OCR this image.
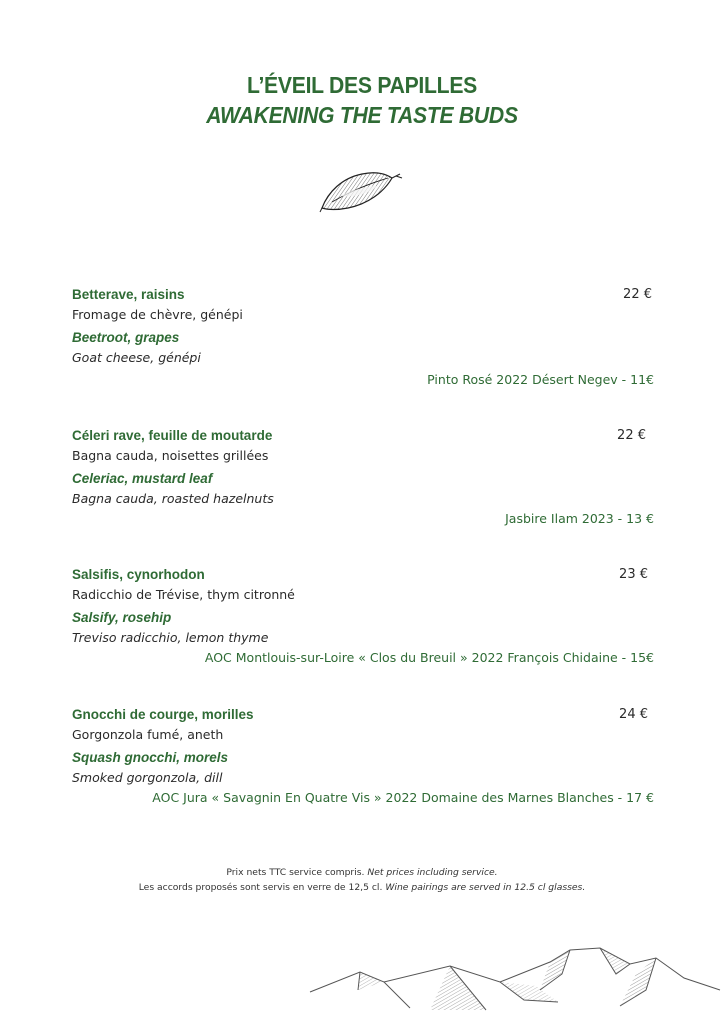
L’ÉVEIL DES PAPILLES
AWAKENING THE TASTE BUDS
Betterave, raisins
Fromage de chèvre, génépi
Beetroot, grapes
Goat cheese, génépi
22 €
Pinto Rosé 2022 Désert Negev - 11€
Céleri rave, feuille de moutarde
Bagna cauda, noisettes grillées
Celeriac, mustard leaf
Bagna cauda, roasted hazelnuts
22 €
Jasbire Ilam 2023 - 13 €
Salsifis, cynorhodon
Radicchio de Trévise, thym citronné
Salsify, rosehip
Treviso radicchio, lemon thyme
23 €
AOC Montlouis-sur-Loire « Clos du Breuil » 2022 François Chidaine - 15€
Gnocchi de courge, morilles
Gorgonzola fumé, aneth
Squash gnocchi, morels
Smoked gorgonzola, dill
24 €
AOC Jura « Savagnin En Quatre Vis » 2022 Domaine des Marnes Blanches - 17 €
Prix nets TTC service compris. Net prices including service.
Les accords proposés sont servis en verre de 12,5 cl. Wine pairings are served in 12.5 cl glasses.
